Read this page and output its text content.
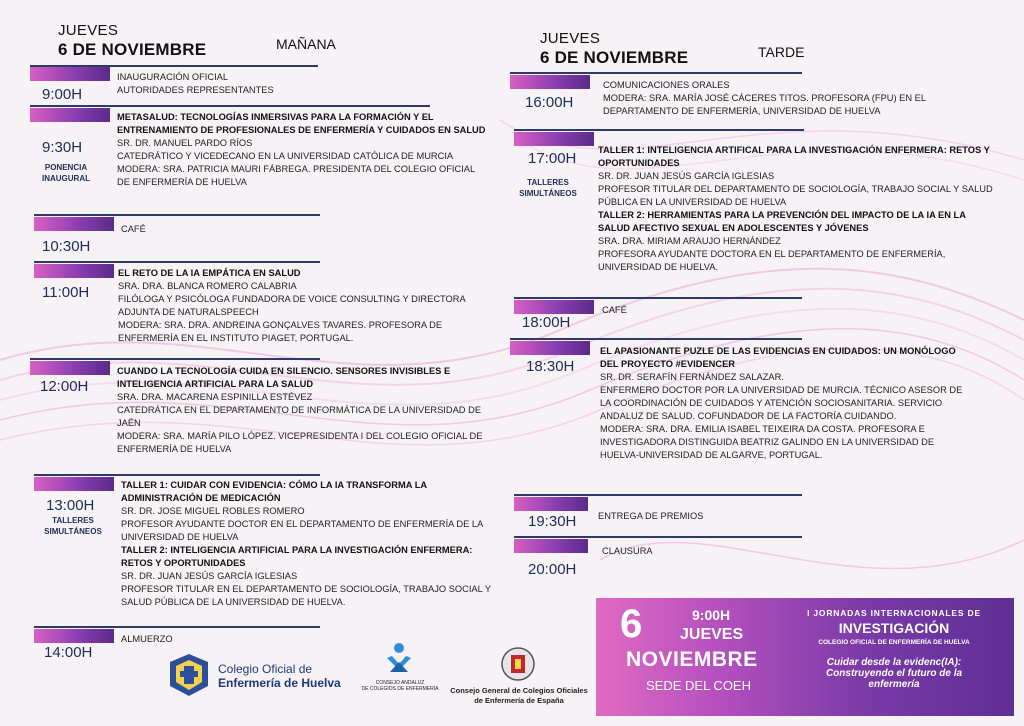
JUEVES
6 DE NOVIEMBRE	MAÑANA	JUEVES
6 DE NOVIEMBRE	TARDE
9:00H
INAUGURACIÓN OFICIAL
AUTORIDADES REPRESENTANTES
9:30H
PONENCIA INAUGURAL
METASALUD: TECNOLOGÍAS INMERSIVAS PARA LA FORMACIÓN Y EL ENTRENAMIENTO DE PROFESIONALES DE ENFERMERÍA Y CUIDADOS EN SALUD
SR. DR. MANUEL PARDO RÍOS
CATEDRÁTICO Y VICEDECANO EN LA UNIVERSIDAD CATÓLICA DE MURCIA
MODERA: SRA. PATRICIA MAURI FÁBREGA. PRESIDENTA DEL COLEGIO OFICIAL DE ENFERMERÍA DE HUELVA
10:30H
CAFÉ
11:00H
EL RETO DE LA IA EMPÁTICA EN SALUD
SRA. DRA. BLANCA ROMERO CALABRIA
FILÓLOGA Y PSICÓLOGA FUNDADORA DE VOICE CONSULTING Y DIRECTORA ADJUNTA DE NATURALSPEECH
MODERA: SRA. DRA. ANDREINA GONÇALVES TAVARES. PROFESORA DE ENFERMERÍA EN EL INSTITUTO PIAGET, PORTUGAL.
12:00H
CUANDO LA TECNOLOGÍA CUIDA EN SILENCIO. SENSORES INVISIBLES E INTELIGENCIA ARTIFICIAL PARA LA SALUD
SRA. DRA. MACARENA ESPINILLA ESTÉVEZ
CATEDRÁTICA EN EL DEPARTAMENTO DE INFORMÁTICA DE LA UNIVERSIDAD DE JAÉN
MODERA: SRA. MARÍA PILO LÓPEZ. VICEPRESIDENTA I DEL COLEGIO OFICIAL DE ENFERMERÍA DE HUELVA
13:00H
TALLERES SIMULTÁNEOS
TALLER 1: CUIDAR CON EVIDENCIA: CÓMO LA IA TRANSFORMA LA ADMINISTRACIÓN DE MEDICACIÓN
SR. DR. JOSE MIGUEL ROBLES ROMERO
PROFESOR AYUDANTE DOCTOR EN EL DEPARTAMENTO DE ENFERMERÍA DE LA UNIVERSIDAD DE HUELVA
TALLER 2: INTELIGENCIA ARTIFICIAL PARA LA INVESTIGACIÓN ENFERMERA: RETOS Y OPORTUNIDADES
SR. DR. JUAN JESÚS GARCÍA IGLESIAS
PROFESOR TITULAR EN EL DEPARTAMENTO DE SOCIOLOGÍA, TRABAJO SOCIAL Y SALUD PÚBLICA DE LA UNIVERSIDAD DE HUELVA.
14:00H
ALMUERZO
16:00H
COMUNICACIONES ORALES
MODERA: SRA. MARÍA JOSÉ CÁCERES TITOS. PROFESORA (FPU) EN EL DEPARTAMENTO DE ENFERMERÍA, UNIVERSIDAD DE HUELVA
17:00H
TALLERES SIMULTÁNEOS
TALLER 1: INTELIGENCIA ARTIFICAL PARA LA INVESTIGACIÓN ENFERMERA: RETOS Y OPORTUNIDADES
SR. DR. JUAN JESÚS GARCÍA IGLESIAS
PROFESOR TITULAR DEL DEPARTAMENTO DE SOCIOLOGÍA, TRABAJO SOCIAL Y SALUD PÚBLICA EN LA UNIVERSIDAD DE HUELVA
TALLER 2: HERRAMIENTAS PARA LA PREVENCIÓN DEL IMPACTO DE LA IA EN LA SALUD AFECTIVO SEXUAL EN ADOLESCENTES Y JÓVENES
SRA. DRA. MIRIAM ARAUJO HERNÁNDEZ
PROFESORA AYUDANTE DOCTORA EN EL DEPARTAMENTO DE ENFERMERÍA, UNIVERSIDAD DE HUELVA.
18:00H
CAFÉ
18:30H
EL APASIONANTE PUZLE DE LAS EVIDENCIAS EN CUIDADOS: UN MONÓLOGO DEL PROYECTO #EVIDENCER
SR. DR. SERAFÍN FERNÁNDEZ SALAZAR.
ENFERMERO DOCTOR POR LA UNIVERSIDAD DE MURCIA. TÉCNICO ASESOR DE LA COORDINACIÓN DE CUIDADOS Y ATENCIÓN SOCIOSANITARIA. SERVICIO ANDALUZ DE SALUD. COFUNDADOR DE LA FACTORÍA CUIDANDO.
MODERA: SRA. DRA. EMILIA ISABEL TEIXEIRA DA COSTA. PROFESORA E INVESTIGADORA DISTINGUIDA BEATRIZ GALINDO EN LA UNIVERSIDAD DE HUELVA-UNIVERSIDAD DE ALGARVE, PORTUGAL.
19:30H ENTREGA DE PREMIOS
20:00H
CLAUSURA
6	9:00H
JUEVES
NOVIEMBRE
SEDE DEL COEH
I JORNADAS INTERNACIONALES DE
INVESTIGACIÓN
COLEGIO OFICIAL DE ENFERMERÍA DE HUELVA
Cuidar desde la evidenc(IA):
Construyendo el futuro de la
enfermería
Colegio Oficial de
Enfermería de Huelva	CONSEJO ANDALUZ
DE COLEGIOS DE ENFERMERÍA	Consejo General de Colegios Oficiales
de Enfermería de España
